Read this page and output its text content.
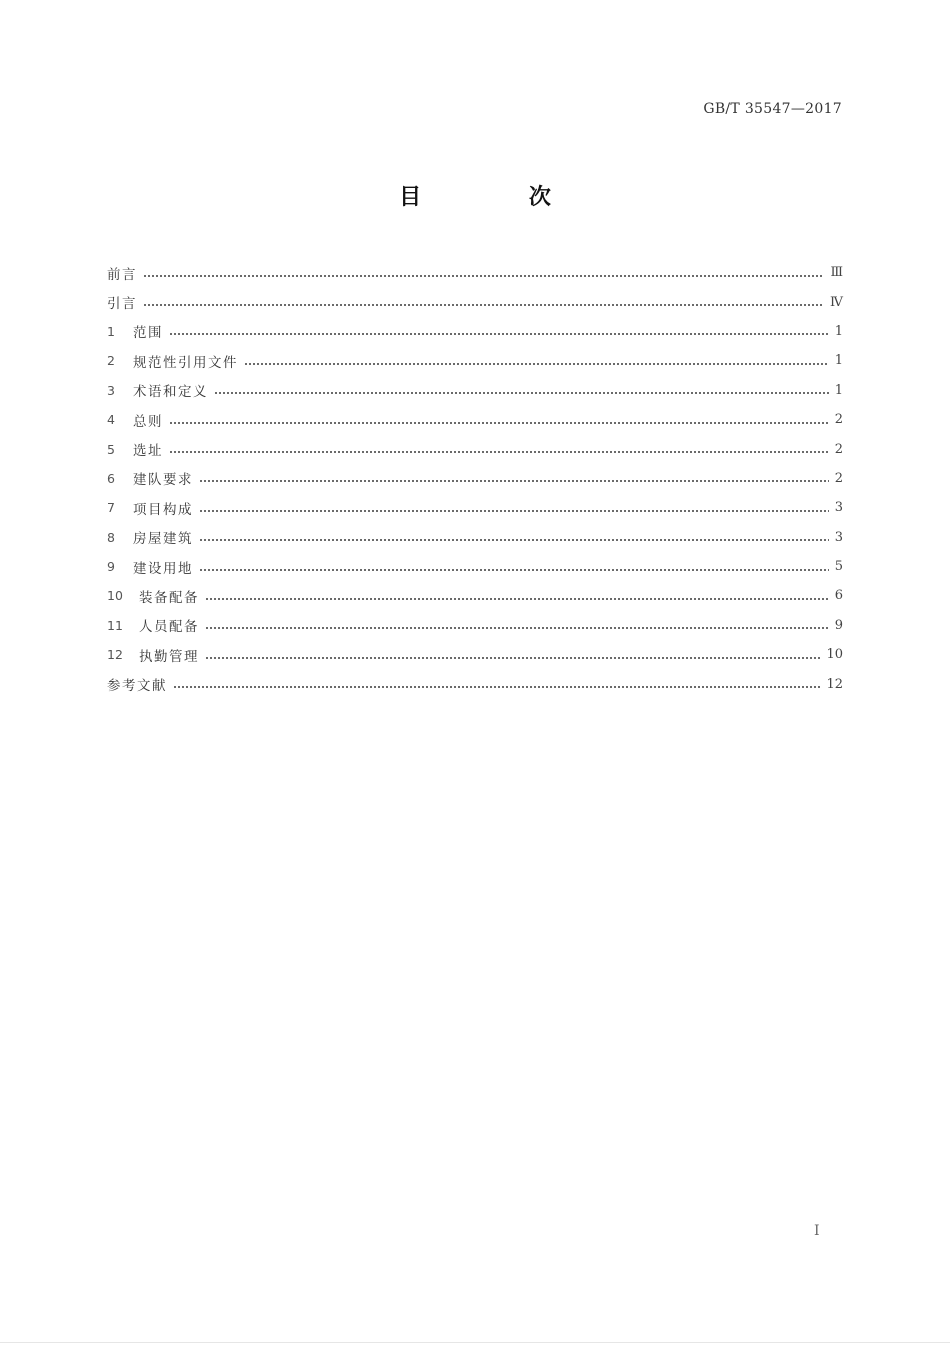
GB/T 35547—2017
目 次
前言	Ⅲ
引言	Ⅳ
1	范围	1
2	规范性引用文件	1
3	术语和定义	1
4	总则	2
5	选址	2
6	建队要求	2
7	项目构成	3
8	房屋建筑	3
9	建设用地	5
10	装备配备	6
11	人员配备	9
12	执勤管理	10
参考文献	12
I
